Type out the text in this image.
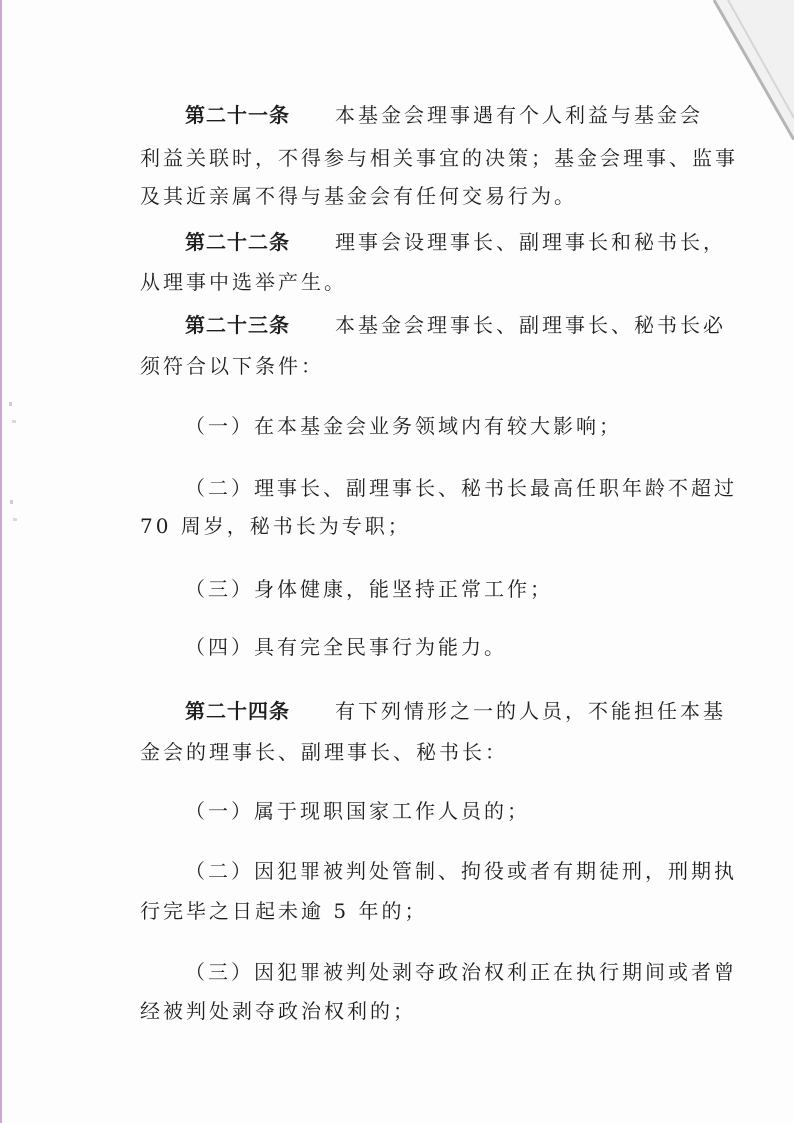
第二十一条 本基金会理事遇有个人利益与基金会
利益关联时，不得参与相关事宜的决策；基金会理事、监事
及其近亲属不得与基金会有任何交易行为。
第二十二条 理事会设理事长、副理事长和秘书长，
从理事中选举产生。
第二十三条 本基金会理事长、副理事长、秘书长必
须符合以下条件：
（一）在本基金会业务领域内有较大影响；
（二）理事长、副理事长、秘书长最高任职年龄不超过
70 周岁，秘书长为专职；
（三）身体健康，能坚持正常工作；
（四）具有完全民事行为能力。
第二十四条 有下列情形之一的人员，不能担任本基
金会的理事长、副理事长、秘书长：
（一）属于现职国家工作人员的；
（二）因犯罪被判处管制、拘役或者有期徒刑，刑期执
行完毕之日起未逾 5 年的；
（三）因犯罪被判处剥夺政治权利正在执行期间或者曾
经被判处剥夺政治权利的；
